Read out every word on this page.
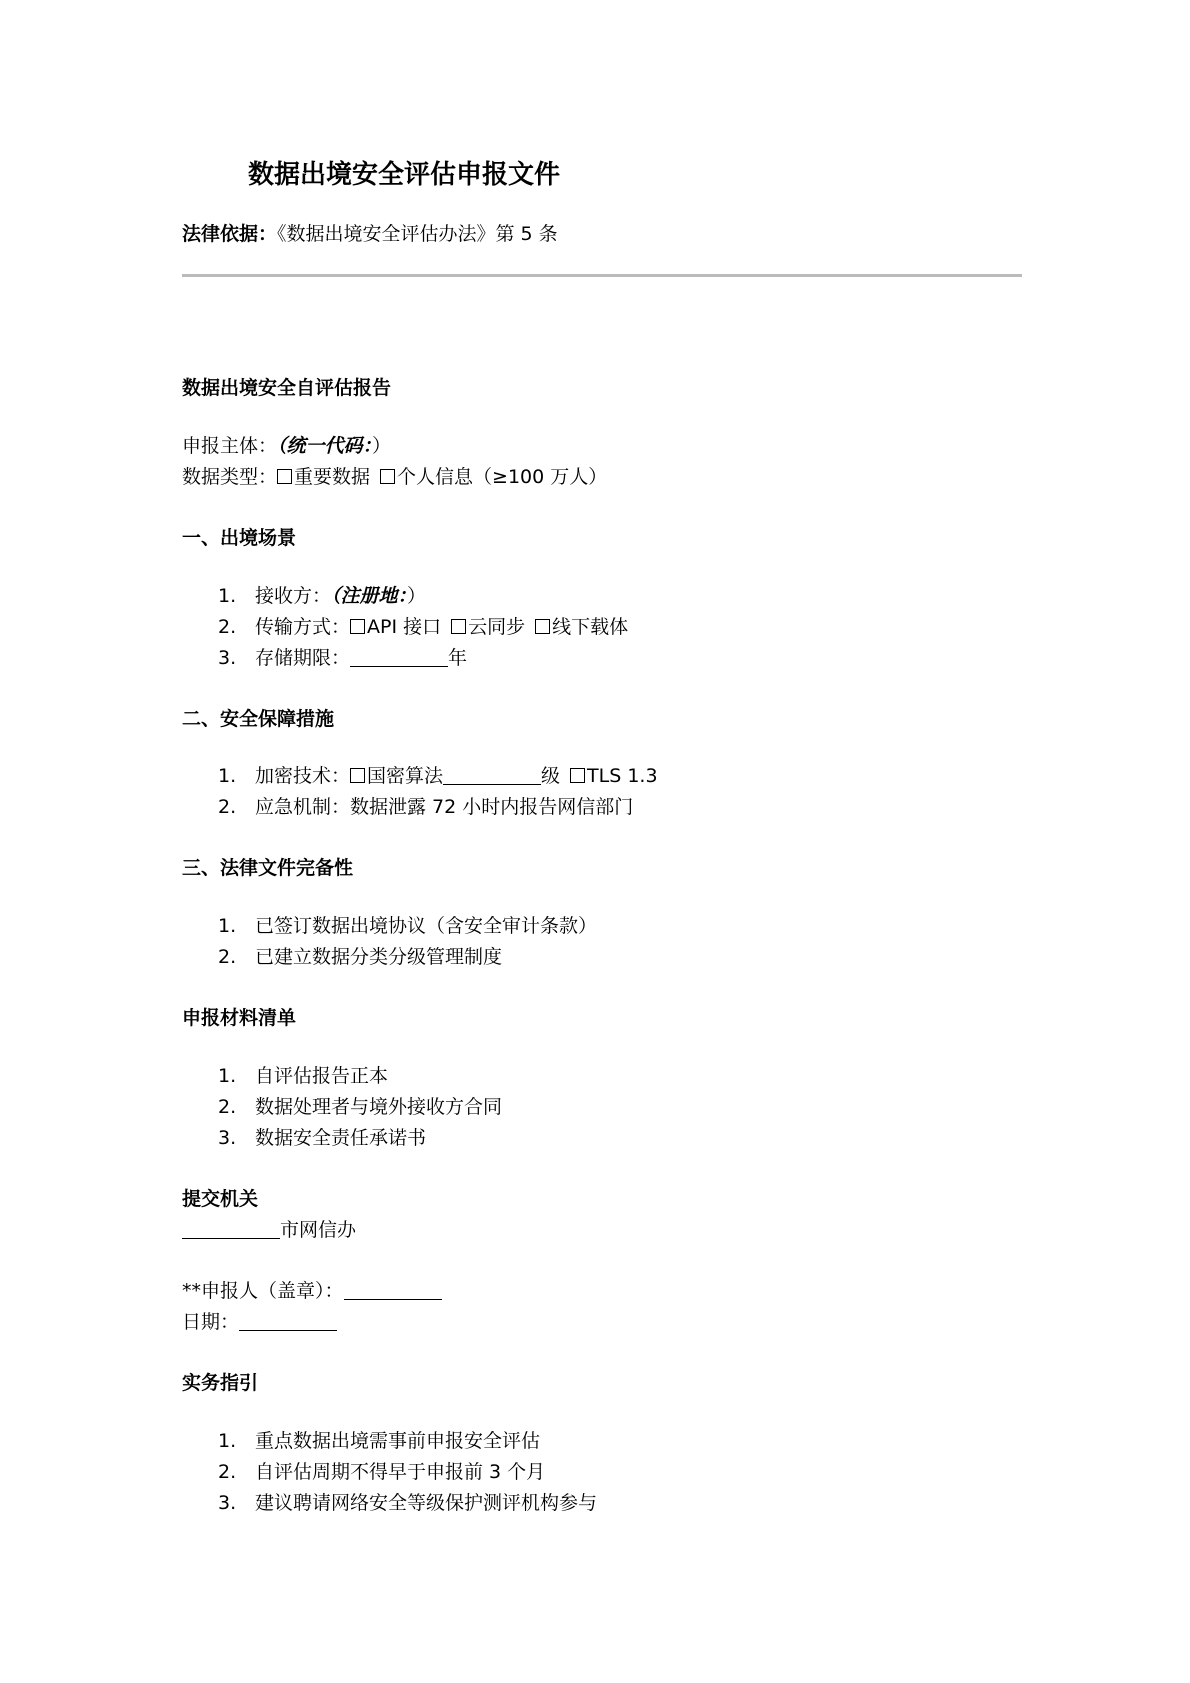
数据出境安全评估申报文件
法律依据：《数据出境安全评估办法》第 5 条
数据出境安全自评估报告
申报主体：（统一代码：）
数据类型： 重要数据 个人信息（≥100 万人）
一、出境场景
1. 接收方：（注册地：）
2. 传输方式： API 接口 云同步 线下载体
3. 存储期限：	年
二、安全保障措施
1. 加密技术： 国密算法	级 TLS 1.3
2. 应急机制：数据泄露 72 小时内报告网信部门
三、法律文件完备性
1. 已签订数据出境协议（含安全审计条款）
2. 已建立数据分类分级管理制度
申报材料清单
1. 自评估报告正本
2. 数据处理者与境外接收方合同
3. 数据安全责任承诺书
提交机关
市网信办
**申报人（盖章）：
日期：
实务指引
1. 重点数据出境需事前申报安全评估
2. 自评估周期不得早于申报前 3 个月
3. 建议聘请网络安全等级保护测评机构参与
